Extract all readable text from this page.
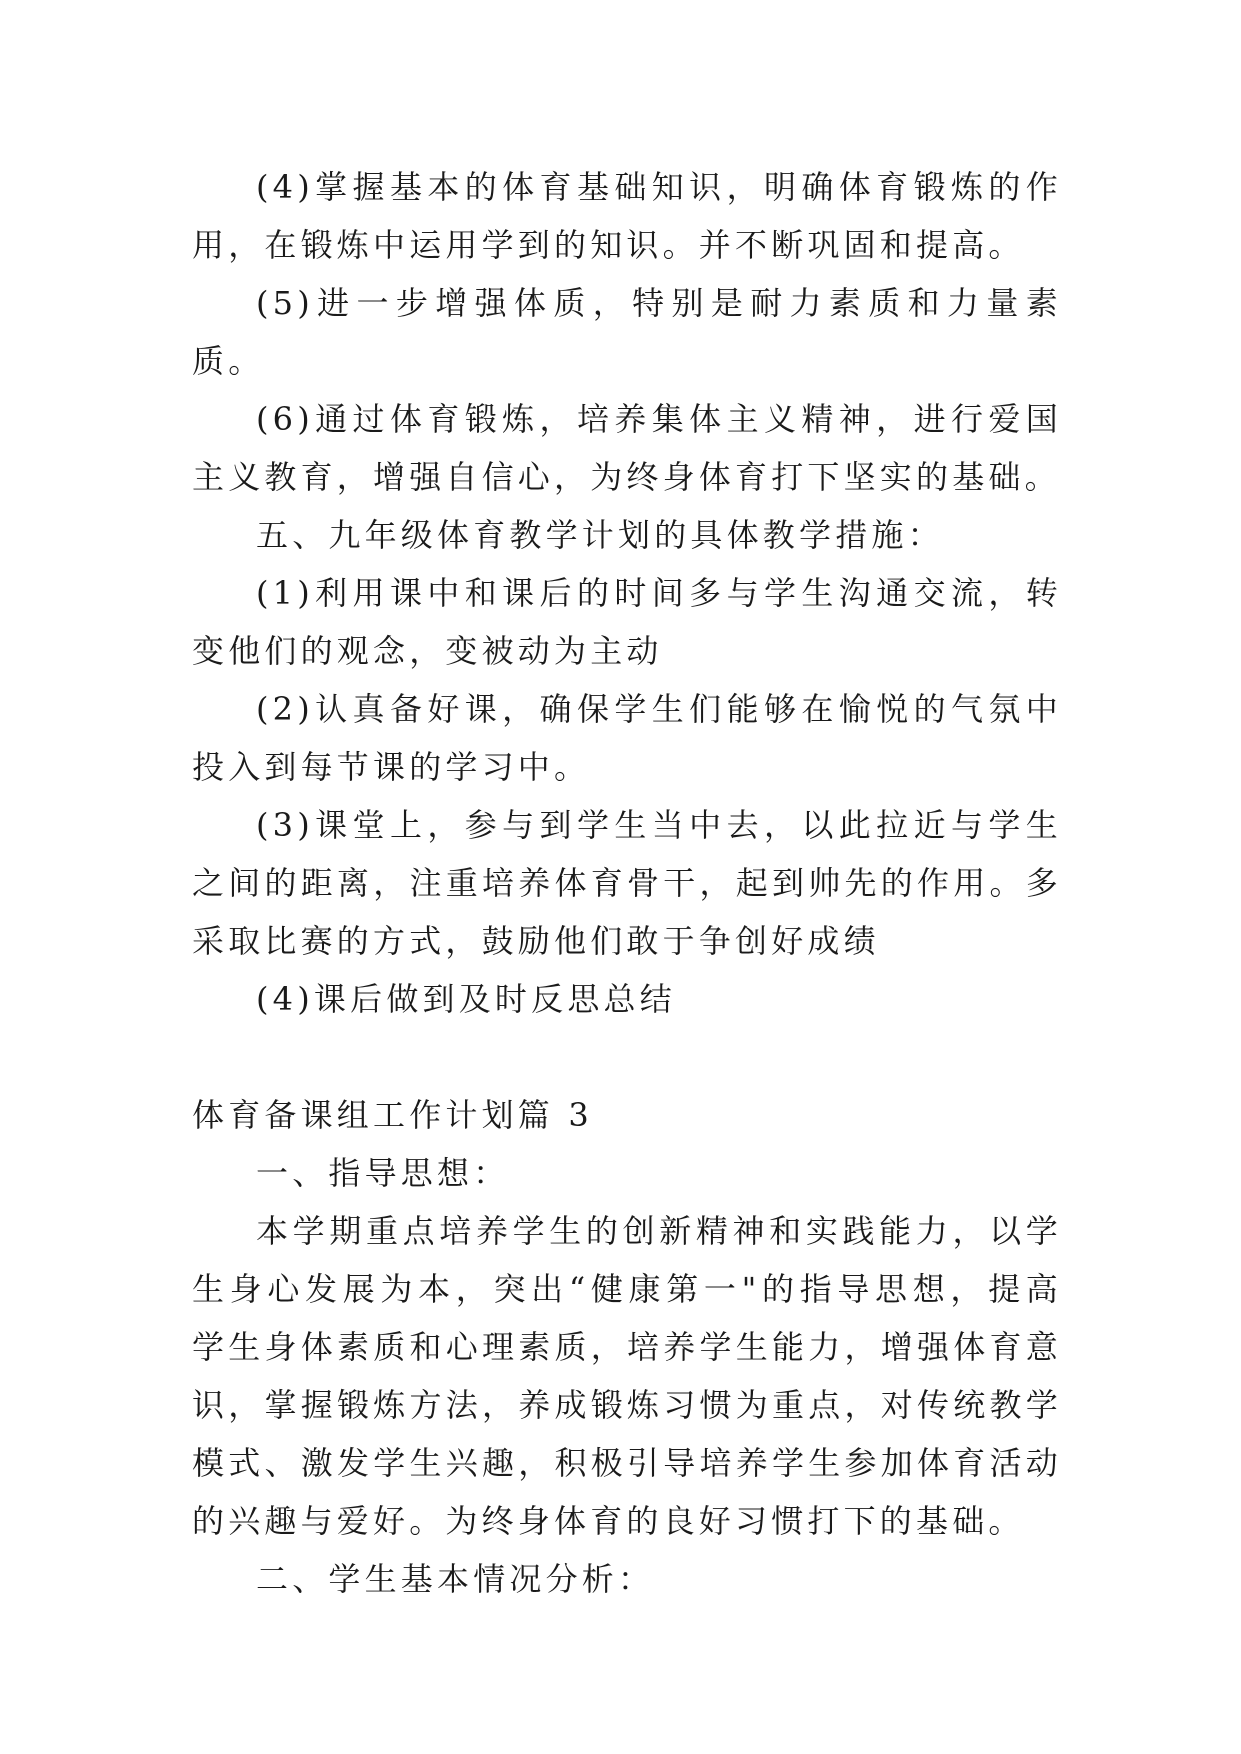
(4)掌握基本的体育基础知识，明确体育锻炼的作用，在锻炼中运用学到的知识。并不断巩固和提高。

(5)进一步增强体质，特别是耐力素质和力量素质。

(6)通过体育锻炼，培养集体主义精神，进行爱国主义教育，增强自信心，为终身体育打下坚实的基础。

五、九年级体育教学计划的具体教学措施：

(1)利用课中和课后的时间多与学生沟通交流，转变他们的观念，变被动为主动

(2)认真备好课，确保学生们能够在愉悦的气氛中投入到每节课的学习中。

(3)课堂上，参与到学生当中去，以此拉近与学生之间的距离，注重培养体育骨干，起到帅先的作用。多采取比赛的方式，鼓励他们敢于争创好成绩

(4)课后做到及时反思总结

体育备课组工作计划篇 3

一、指导思想：

本学期重点培养学生的创新精神和实践能力，以学生身心发展为本，突出“健康第一"的指导思想，提高学生身体素质和心理素质，培养学生能力，增强体育意识，掌握锻炼方法，养成锻炼习惯为重点，对传统教学模式、激发学生兴趣，积极引导培养学生参加体育活动的兴趣与爱好。为终身体育的良好习惯打下的基础。

二、学生基本情况分析：
